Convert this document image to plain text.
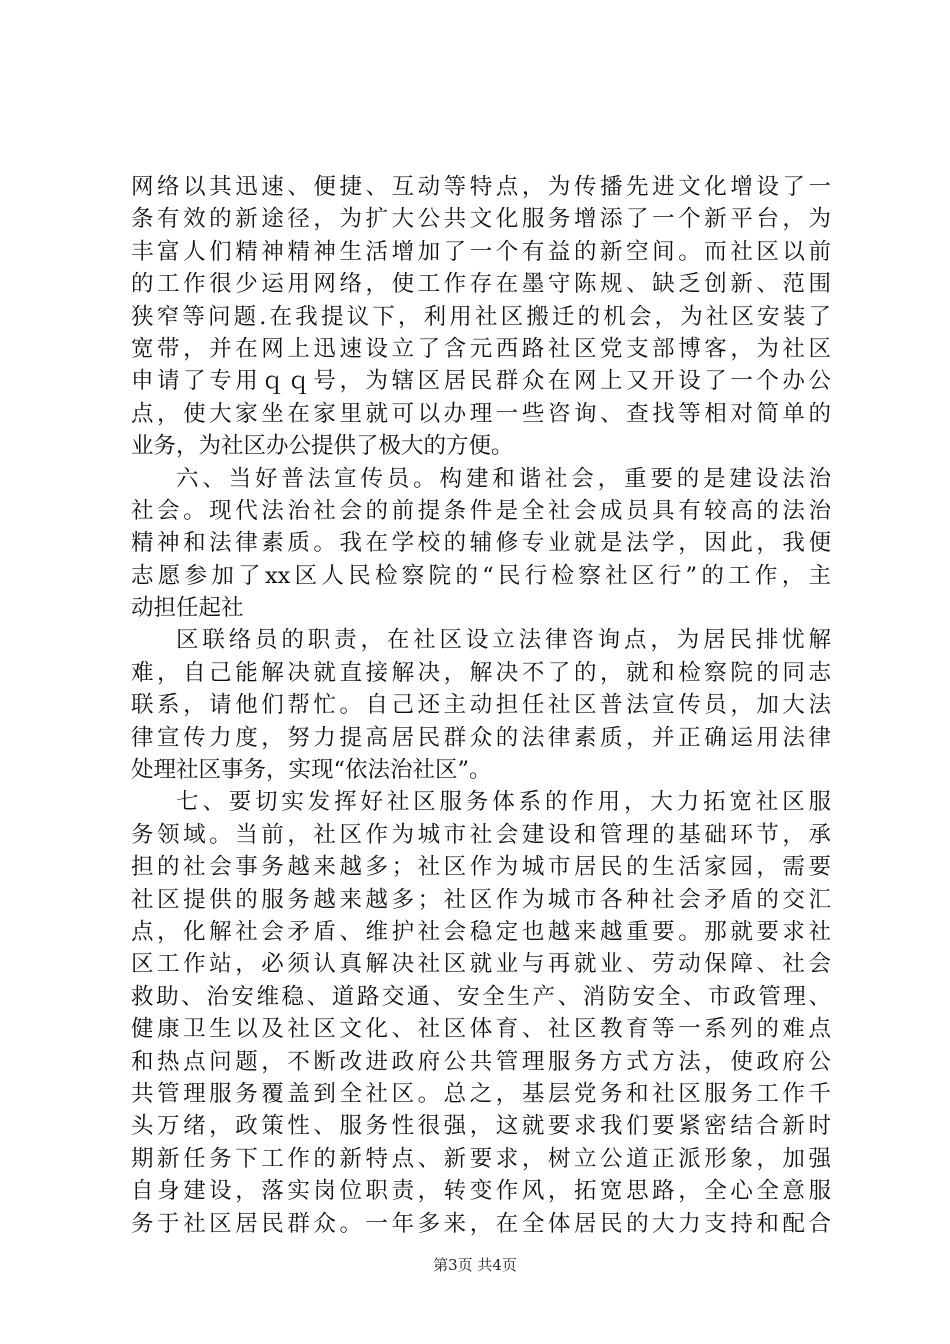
网络以其迅速、便捷、互动等特点，为传播先进文化增设了一
条有效的新途径，为扩大公共文化服务增添了一个新平台，为
丰富人们精神精神生活增加了一个有益的新空间。而社区以前
的工作很少运用网络，使工作存在墨守陈规、缺乏创新、范围
狭窄等问题.在我提议下，利用社区搬迁的机会，为社区安装了
宽带，并在网上迅速设立了含元西路社区党支部博客，为社区
申请了专用ｑｑ号，为辖区居民群众在网上又开设了一个办公
点，使大家坐在家里就可以办理一些咨询、查找等相对简单的
业务，为社区办公提供了极大的方便。
六、当好普法宣传员。构建和谐社会，重要的是建设法治
社会。现代法治社会的前提条件是全社会成员具有较高的法治
精神和法律素质。我在学校的辅修专业就是法学，因此，我便
志愿参加了xx区人民检察院的“民行检察社区行”的工作，主
动担任起社
区联络员的职责，在社区设立法律咨询点，为居民排忧解
难，自己能解决就直接解决，解决不了的，就和检察院的同志
联系，请他们帮忙。自己还主动担任社区普法宣传员，加大法
律宣传力度，努力提高居民群众的法律素质，并正确运用法律
处理社区事务，实现“依法治社区”。
七、要切实发挥好社区服务体系的作用，大力拓宽社区服
务领域。当前，社区作为城市社会建设和管理的基础环节，承
担的社会事务越来越多；社区作为城市居民的生活家园，需要
社区提供的服务越来越多；社区作为城市各种社会矛盾的交汇
点，化解社会矛盾、维护社会稳定也越来越重要。那就要求社
区工作站，必须认真解决社区就业与再就业、劳动保障、社会
救助、治安维稳、道路交通、安全生产、消防安全、市政管理、
健康卫生以及社区文化、社区体育、社区教育等一系列的难点
和热点问题，不断改进政府公共管理服务方式方法，使政府公
共管理服务覆盖到全社区。总之，基层党务和社区服务工作千
头万绪，政策性、服务性很强，这就要求我们要紧密结合新时
期新任务下工作的新特点、新要求，树立公道正派形象，加强
自身建设，落实岗位职责，转变作风，拓宽思路，全心全意服
务于社区居民群众。一年多来，在全体居民的大力支持和配合
第3页 共4页
